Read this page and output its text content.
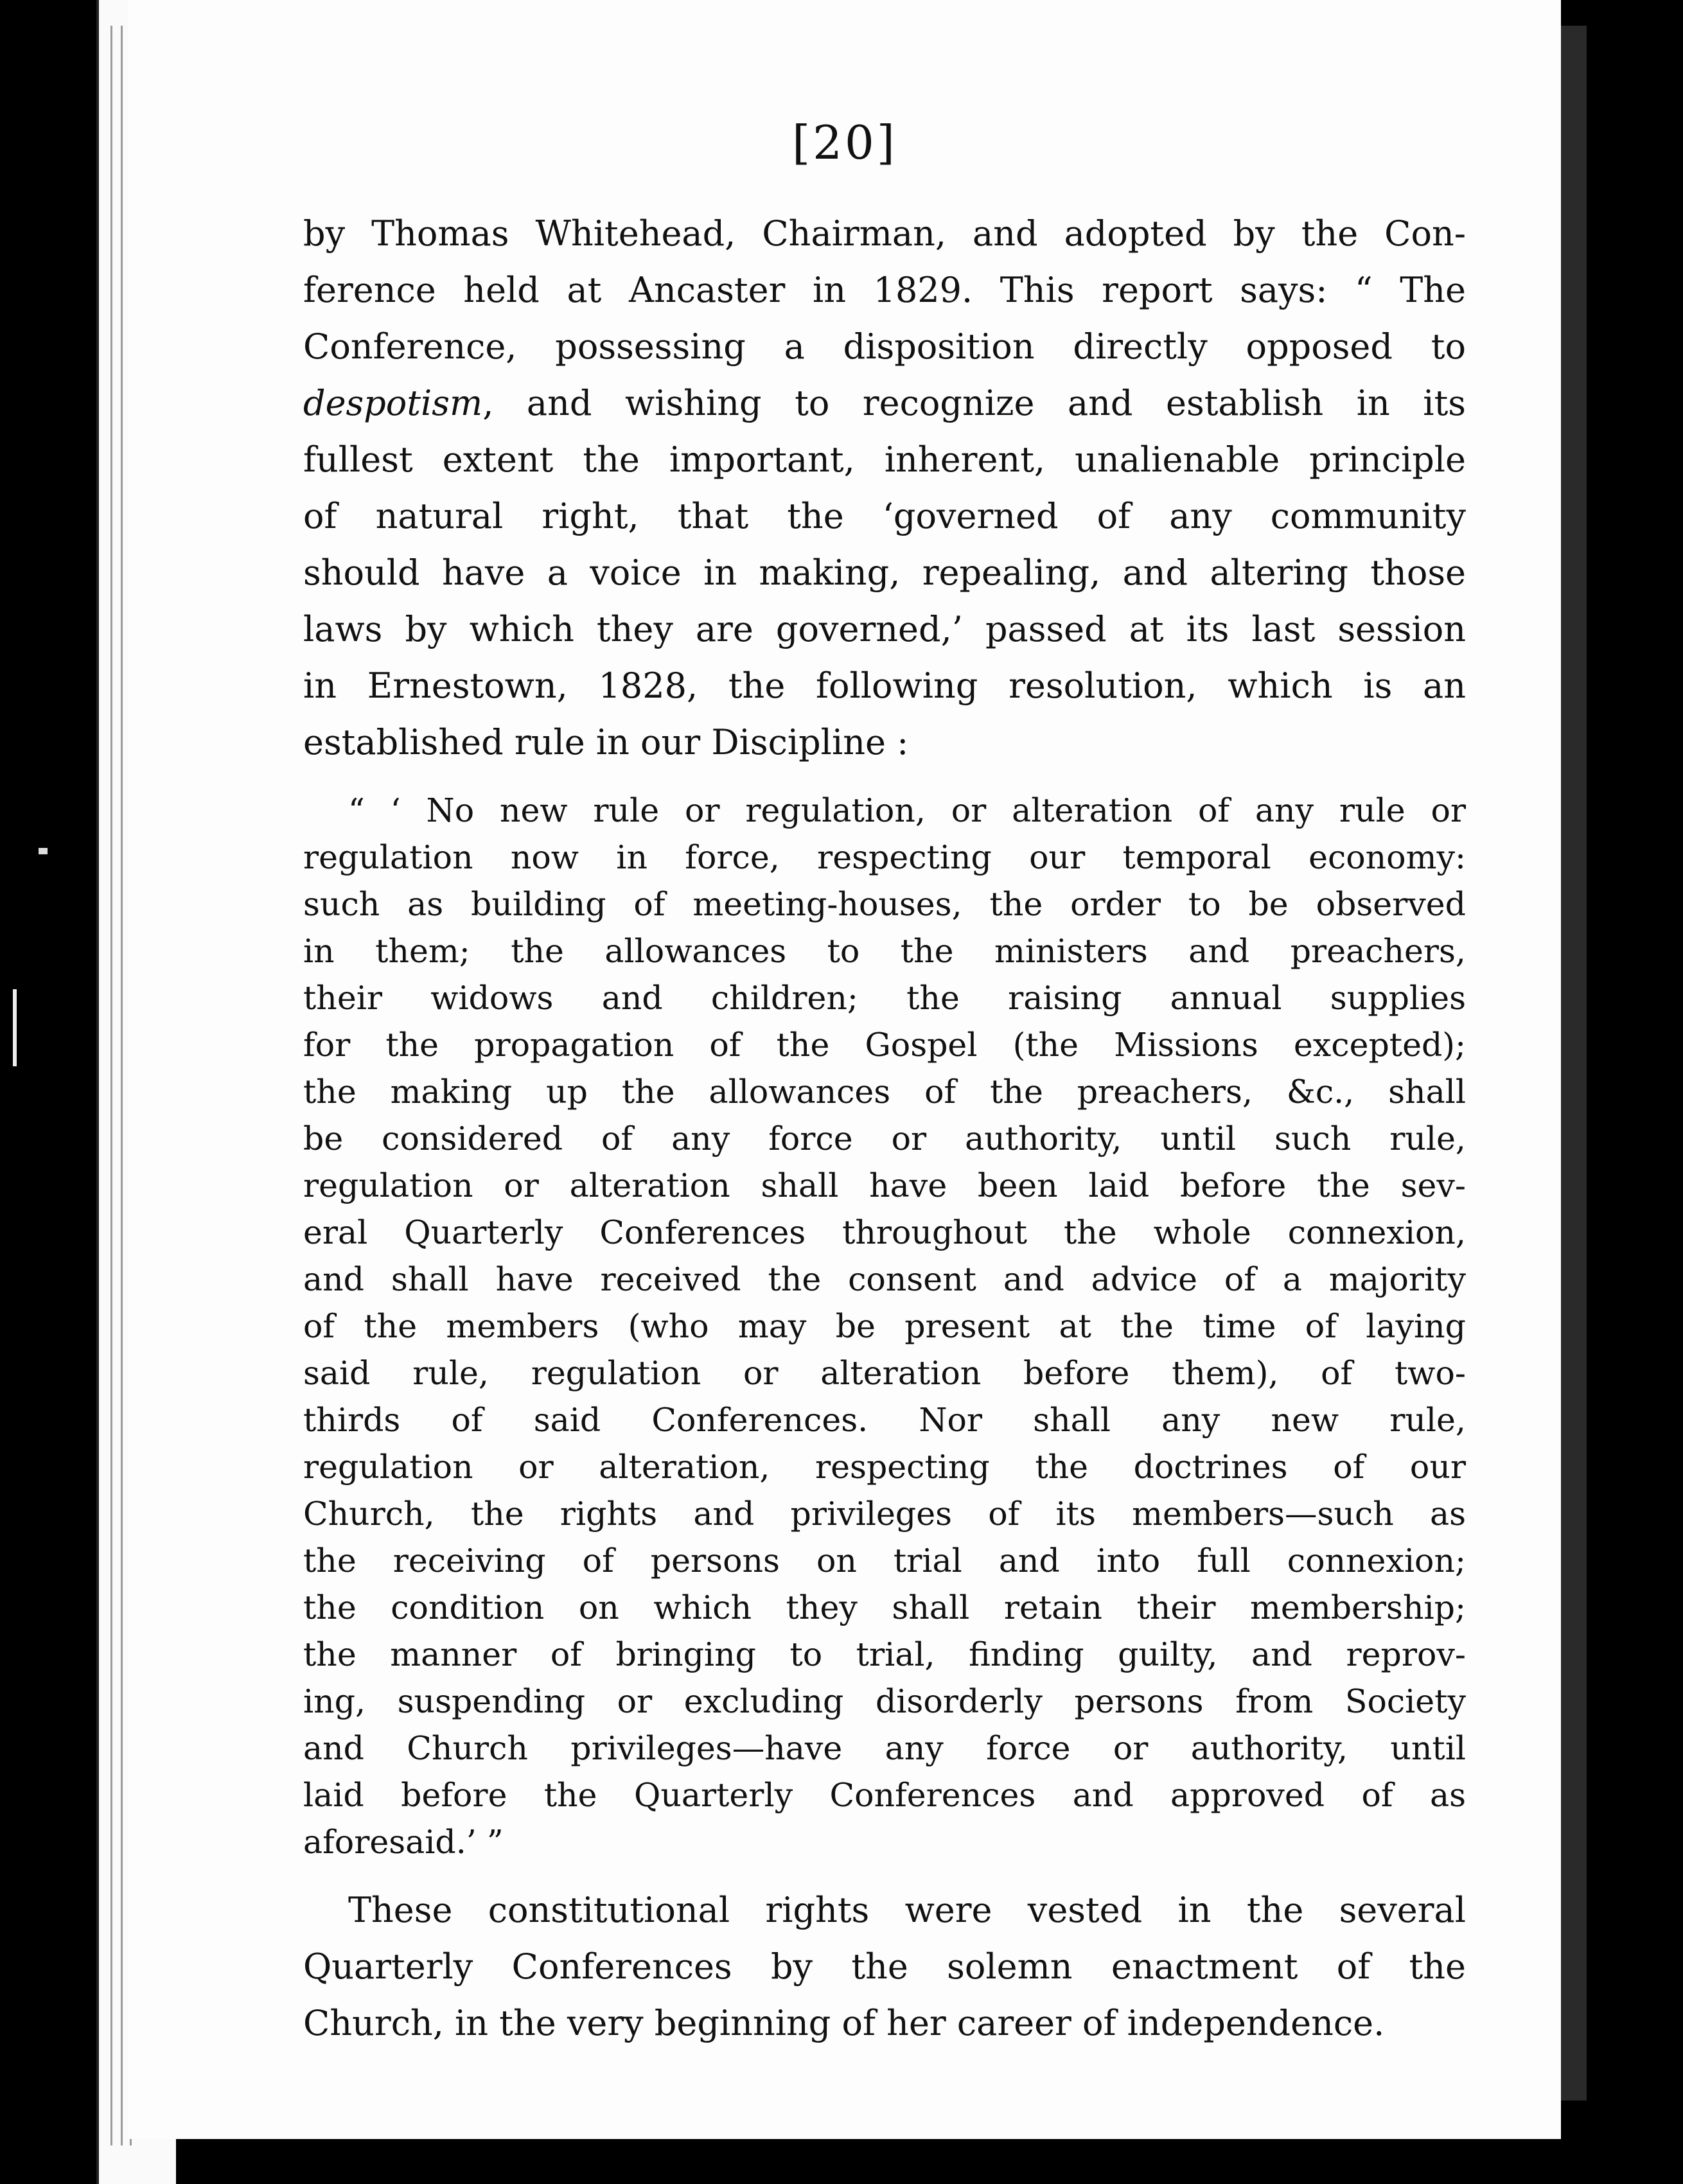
[20]
by Thomas Whitehead, Chairman, and adopted by the Con-
ference held at Ancaster in 1829. This report says: “ The
Conference, possessing a disposition directly opposed to
despotism, and wishing to recognize and establish in its
fullest extent the important, inherent, unalienable principle
of natural right, that the ‘governed of any community
should have a voice in making, repealing, and altering those
laws by which they are governed,’ passed at its last session
in Ernestown, 1828, the following resolution, which is an
established rule in our Discipline :
“ ‘ No new rule or regulation, or alteration of any rule or
regulation now in force, respecting our temporal economy:
such as building of meeting-houses, the order to be observed
in them; the allowances to the ministers and preachers,
their widows and children; the raising annual supplies
for the propagation of the Gospel (the Missions excepted);
the making up the allowances of the preachers, &c., shall
be considered of any force or authority, until such rule,
regulation or alteration shall have been laid before the sev-
eral Quarterly Conferences throughout the whole connexion,
and shall have received the consent and advice of a majority
of the members (who may be present at the time of laying
said rule, regulation or alteration before them), of two-
thirds of said Conferences. Nor shall any new rule,
regulation or alteration, respecting the doctrines of our
Church, the rights and privileges of its members—such as
the receiving of persons on trial and into full connexion;
the condition on which they shall retain their membership;
the manner of bringing to trial, finding guilty, and reprov-
ing, suspending or excluding disorderly persons from Society
and Church privileges—have any force or authority, until
laid before the Quarterly Conferences and approved of as
aforesaid.’ ”
These constitutional rights were vested in the several
Quarterly Conferences by the solemn enactment of the
Church, in the very beginning of her career of independence.
